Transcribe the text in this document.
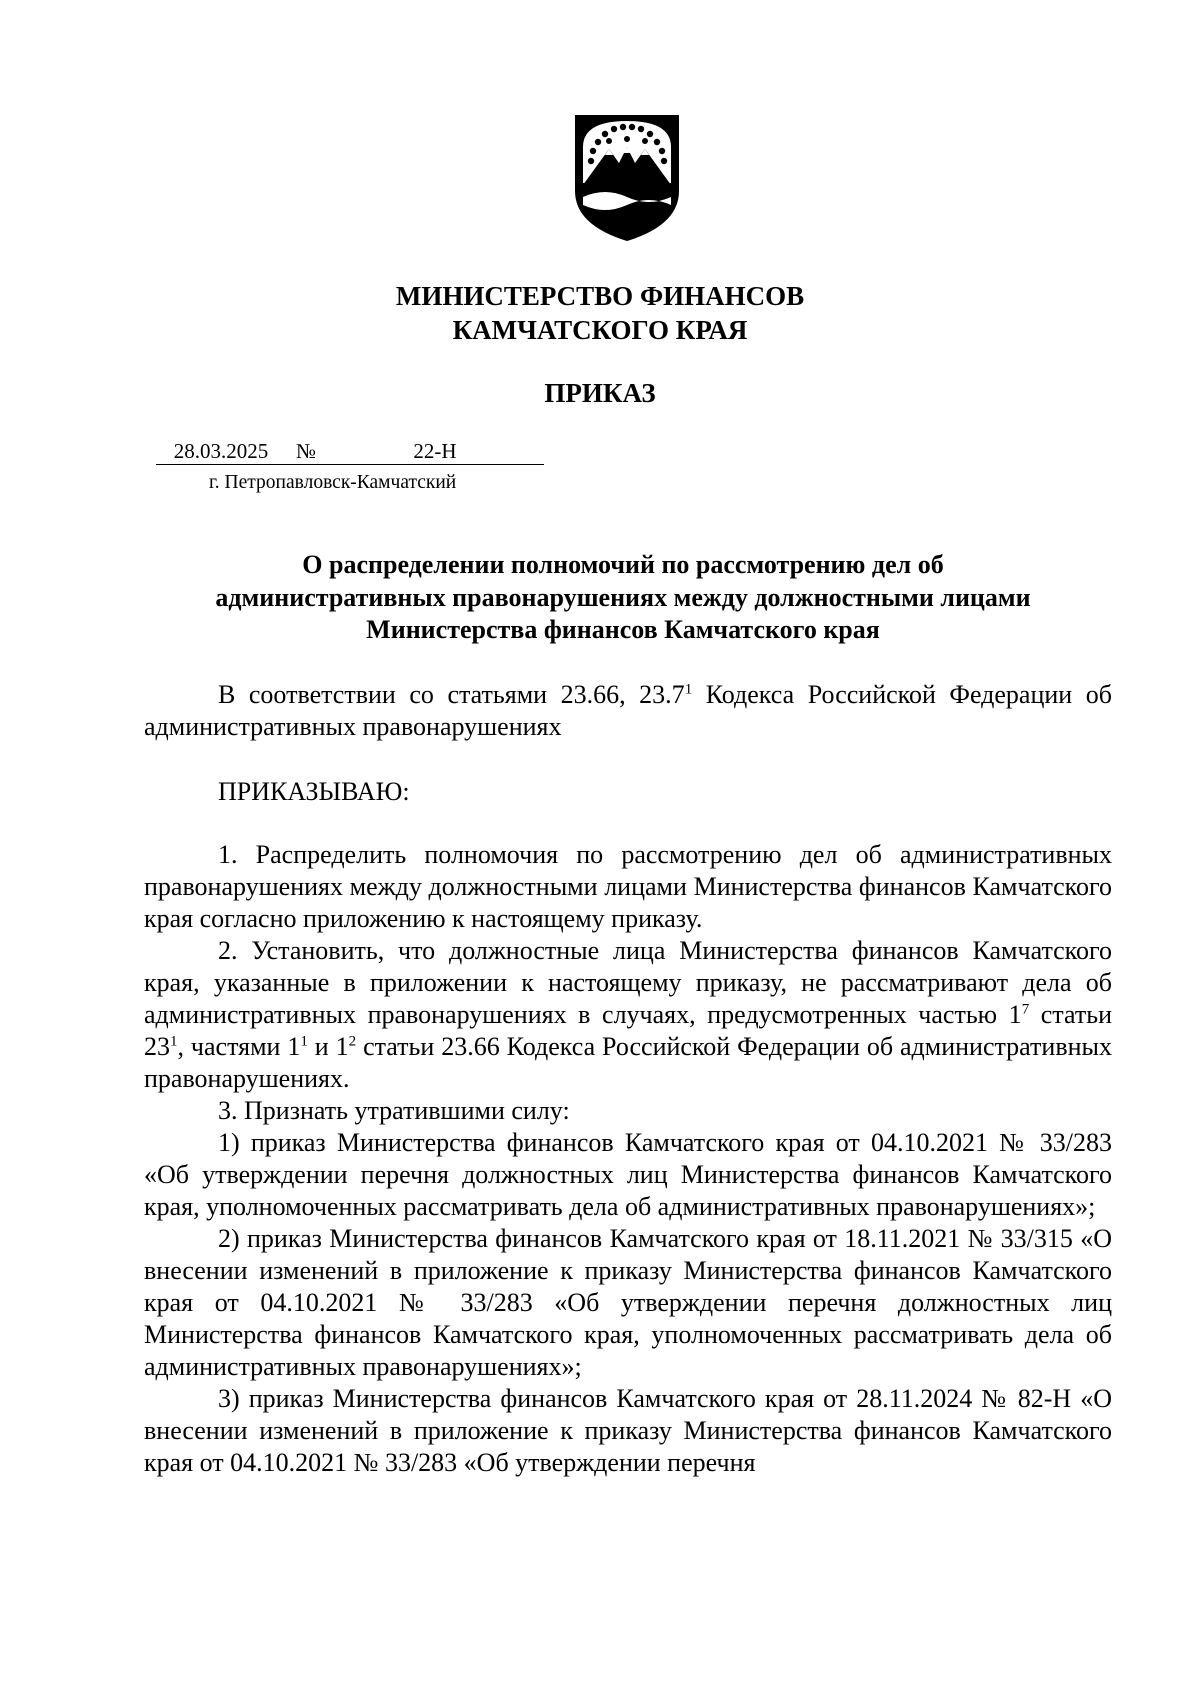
МИНИСТЕРСТВО ФИНАНСОВ
КАМЧАТСКОГО КРАЯ
ПРИКАЗ
28.03.2025 №	22-Н
г. Петропавловск-Камчатский
О распределении полномочий по рассмотрению дел об
административных правонарушениях между должностными лицами
Министерства финансов Камчатского края

В соответствии со статьями 23.66, 23.7$^1$ Кодекса Российской Федерации об административных правонарушениях

ПРИКАЗЫВАЮ:

1. Распределить полномочия по рассмотрению дел об административных правонарушениях между должностными лицами Министерства финансов Камчатского края согласно приложению к настоящему приказу.

2. Установить, что должностные лица Министерства финансов Камчатского края, указанные в приложении к настоящему приказу, не рассматривают дела об административных правонарушениях в случаях, предусмотренных частью $1^7$ статьи $23^1$, частями $1^1$ и $1^2$ статьи 23.66 Кодекса Российской Федерации об административных правонарушениях.

3. Признать утратившими силу:

1) приказ Министерства финансов Камчатского края от 04.10.2021 № 33/283 «Об утверждении перечня должностных лиц Министерства финансов Камчатского края, уполномоченных рассматривать дела об административных правонарушениях»;

2) приказ Министерства финансов Камчатского края от 18.11.2021 № 33/315 «О внесении изменений в приложение к приказу Министерства финансов Камчатского края от 04.10.2021 № 33/283 «Об утверждении перечня должностных лиц Министерства финансов Камчатского края, уполномоченных рассматривать дела об административных правонарушениях»;

3) приказ Министерства финансов Камчатского края от 28.11.2024 № 82-Н «О внесении изменений в приложение к приказу Министерства финансов Камчатского края от 04.10.2021 № 33/283 «Об утверждении перечня
